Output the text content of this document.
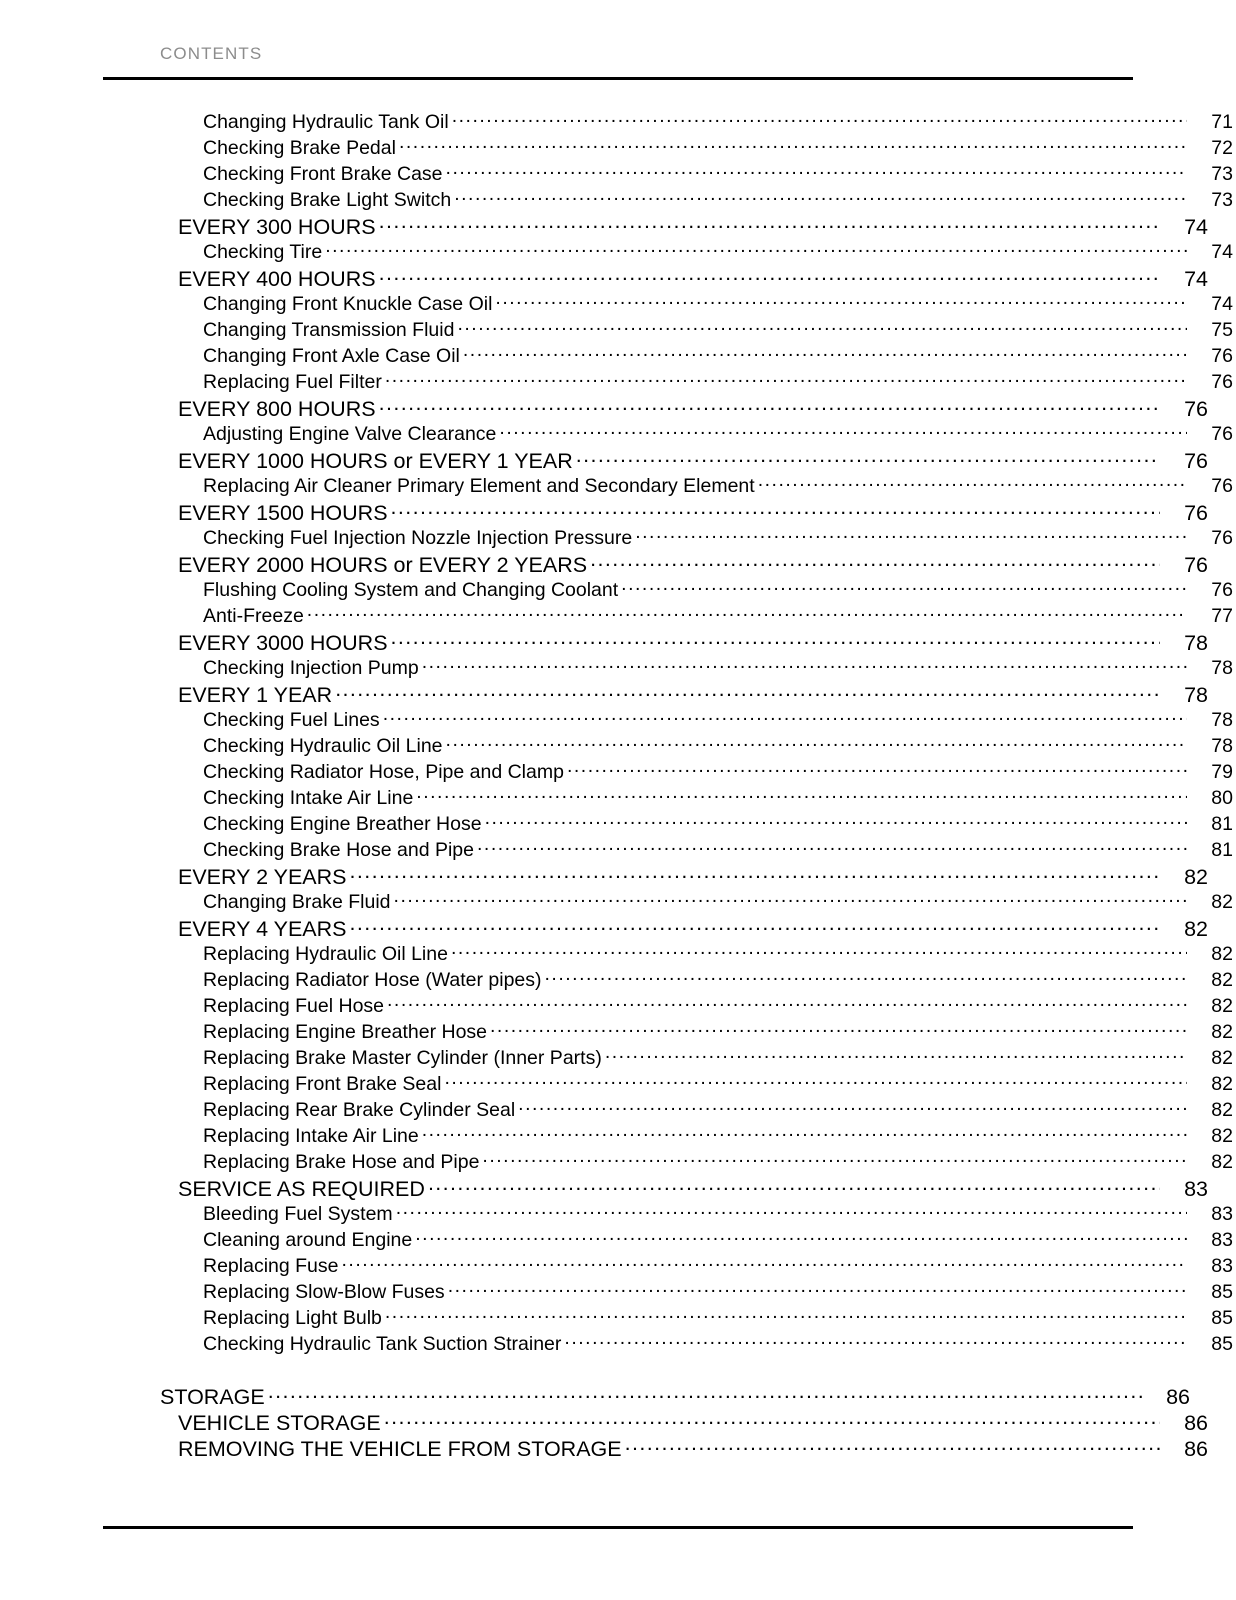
CONTENTS
Changing Hydraulic Tank Oil .....	71
Checking Brake Pedal .....	72
Checking Front Brake Case .....	73
Checking Brake Light Switch .....	73
EVERY 300 HOURS .....	74
Checking Tire .....	74
EVERY 400 HOURS .....	74
Changing Front Knuckle Case Oil .....	74
Changing Transmission Fluid .....	75
Changing Front Axle Case Oil .....	76
Replacing Fuel Filter .....	76
EVERY 800 HOURS .....	76
Adjusting Engine Valve Clearance .....	76
EVERY 1000 HOURS or EVERY 1 YEAR .....	76
Replacing Air Cleaner Primary Element and Secondary Element .....	76
EVERY 1500 HOURS .....	76
Checking Fuel Injection Nozzle Injection Pressure .....	76
EVERY 2000 HOURS or EVERY 2 YEARS .....	76
Flushing Cooling System and Changing Coolant .....	76
Anti-Freeze .....	77
EVERY 3000 HOURS .....	78
Checking Injection Pump .....	78
EVERY 1 YEAR .....	78
Checking Fuel Lines .....	78
Checking Hydraulic Oil Line .....	78
Checking Radiator Hose, Pipe and Clamp .....	79
Checking Intake Air Line .....	80
Checking Engine Breather Hose .....	81
Checking Brake Hose and Pipe .....	81
EVERY 2 YEARS .....	82
Changing Brake Fluid .....	82
EVERY 4 YEARS .....	82
Replacing Hydraulic Oil Line .....	82
Replacing Radiator Hose (Water pipes) .....	82
Replacing Fuel Hose .....	82
Replacing Engine Breather Hose .....	82
Replacing Brake Master Cylinder (Inner Parts) .....	82
Replacing Front Brake Seal .....	82
Replacing Rear Brake Cylinder Seal .....	82
Replacing Intake Air Line .....	82
Replacing Brake Hose and Pipe .....	82
SERVICE AS REQUIRED .....	83
Bleeding Fuel System .....	83
Cleaning around Engine .....	83
Replacing Fuse .....	83
Replacing Slow-Blow Fuses .....	85
Replacing Light Bulb .....	85
Checking Hydraulic Tank Suction Strainer .....	85
STORAGE .....	86
VEHICLE STORAGE .....	86
REMOVING THE VEHICLE FROM STORAGE .....	86
